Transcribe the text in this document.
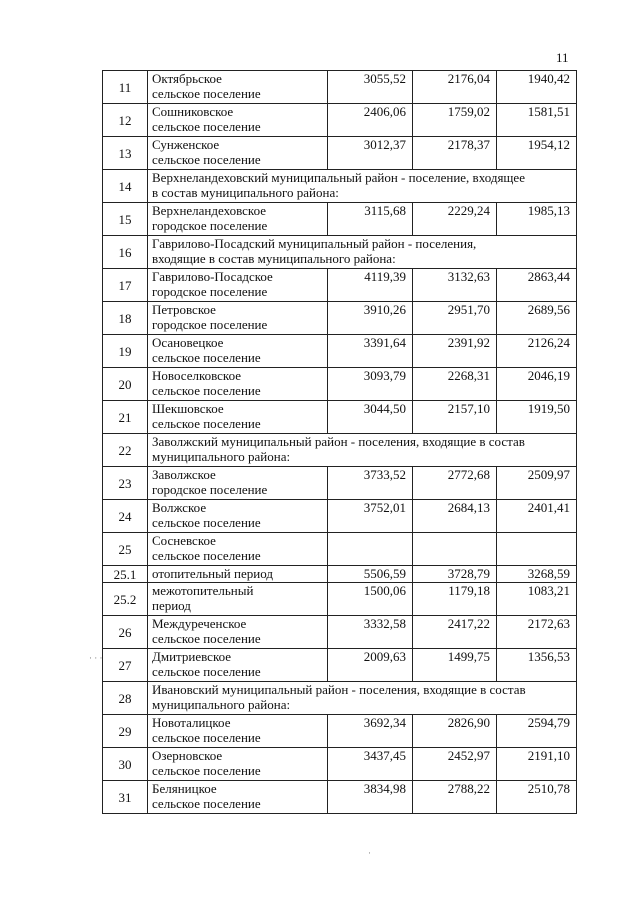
11
11	Октябрьское
сельское поселение	3055,52	2176,04	1940,42
12	Сошниковское
сельское поселение	2406,06	1759,02	1581,51
13	Сунженское
сельское поселение	3012,37	2178,37	1954,12
14	Верхнеландеховский муниципальный район - поселение, входящее
в состав муниципального района:			

15	Верхнеландеховское
городское поселение	3115,68	2229,24	1985,13
16	Гаврилово-Посадский муниципальный район - поселения,
входящие в состав муниципального района:			

17	Гаврилово-Посадское
городское поселение	4119,39	3132,63	2863,44
18	Петровское
городское поселение	3910,26	2951,70	2689,56
19	Осановецкое
сельское поселение	3391,64	2391,92	2126,24
20	Новоселковское
сельское поселение	3093,79	2268,31	2046,19
21	Шекшовское
сельское поселение	3044,50	2157,10	1919,50
22	Заволжский муниципальный район - поселения, входящие в состав
муниципального района:			

23	Заволжское
городское поселение	3733,52	2772,68	2509,97
24	Волжское
сельское поселение	3752,01	2684,13	2401,41
25	Сосневское
сельское поселение			

25.1	отопительный период	5506,59	3728,79	3268,59
25.2	межотопительный
период	1500,06	1179,18	1083,21
26	Междуреченское
сельское поселение	3332,58	2417,22	2172,63
27	Дмитриевское
сельское поселение	2009,63	1499,75	1356,53
28	Ивановский муниципальный район - поселения, входящие в состав
муниципального района:			

29	Новоталицкое
сельское поселение	3692,34	2826,90	2594,79
30	Озерновское
сельское поселение	3437,45	2452,97	2191,10
31	Беляницкое
сельское поселение	3834,98	2788,22	2510,78
· · ·
·
